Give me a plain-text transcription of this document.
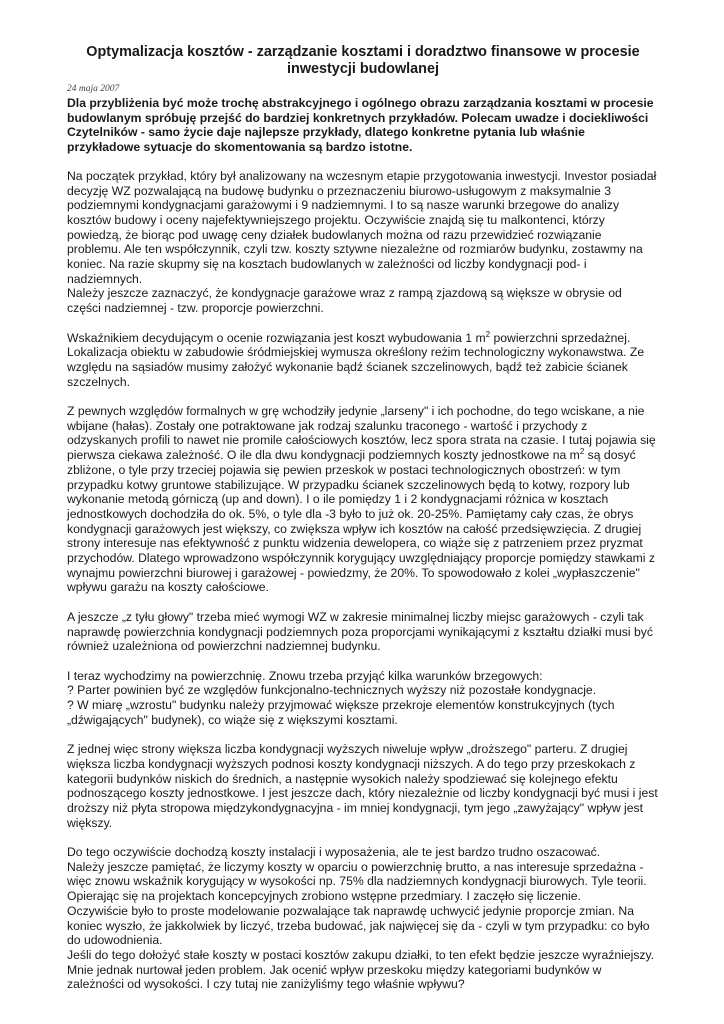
Optymalizacja kosztów - zarządzanie kosztami i doradztwo finansowe w procesie inwestycji budowlanej
24 maja 2007
Dla przybliżenia być może trochę abstrakcyjnego i ogólnego obrazu zarządzania kosztami w procesie budowlanym spróbuję przejść do bardziej konkretnych przykładów. Polecam uwadze i dociekliwości Czytelników - samo życie daje najlepsze przykłady, dlatego konkretne pytania lub właśnie przykładowe sytuacje do skomentowania są bardzo istotne.
Na początek przykład, który był analizowany na wczesnym etapie przygotowania inwestycji. Investor posiadał decyzję WZ pozwalającą na budowę budynku o przeznaczeniu biurowo-usługowym z maksymalnie 3 podziemnymi kondygnacjami garażowymi i 9 nadziemnymi. I to są nasze warunki brzegowe do analizy kosztów budowy i oceny najefektywniejszego projektu. Oczywiście znajdą się tu malkontenci, którzy powiedzą, że biorąc pod uwagę ceny działek budowlanych można od razu przewidzieć rozwiązanie problemu. Ale ten współczynnik, czyli tzw. koszty sztywne niezależne od rozmiarów budynku, zostawmy na koniec. Na razie skupmy się na kosztach budowlanych w zależności od liczby kondygnacji pod- i nadziemnych.
Należy jeszcze zaznaczyć, że kondygnacje garażowe wraz z rampą zjazdową są większe w obrysie od części nadziemnej - tzw. proporcje powierzchni.
Wskaźnikiem decydującym o ocenie rozwiązania jest koszt wybudowania 1 $m^2$ powierzchni sprzedażnej. Lokalizacja obiektu w zabudowie śródmiejskiej wymusza określony reżim technologiczny wykonawstwa. Ze względu na sąsiadów musimy założyć wykonanie bądź ścianek szczelinowych, bądź też zabicie ścianek szczelnych.
Z pewnych względów formalnych w grę wchodziły jedynie „larseny" i ich pochodne, do tego wciskane, a nie wbijane (hałas). Zostały one potraktowane jak rodzaj szalunku traconego - wartość i przychody z odzyskanych profili to nawet nie promile całościowych kosztów, lecz spora strata na czasie. I tutaj pojawia się pierwsza ciekawa zależność. O ile dla dwu kondygnacji podziemnych koszty jednostkowe na $m^2$ są dosyć zbliżone, o tyle przy trzeciej pojawia się pewien przeskok w postaci technologicznych obostrzeń: w tym przypadku kotwy gruntowe stabilizujące. W przypadku ścianek szczelinowych będą to kotwy, rozpory lub wykonanie metodą górniczą (up and down). I o ile pomiędzy 1 i 2 kondygnacjami różnica w kosztach jednostkowych dochodziła do ok. 5%, o tyle dla -3 było to już ok. 20-25%. Pamiętamy cały czas, że obrys kondygnacji garażowych jest większy, co zwiększa wpływ ich kosztów na całość przedsięwzięcia. Z drugiej strony interesuje nas efektywność z punktu widzenia dewelopera, co wiąże się z patrzeniem przez pryzmat przychodów. Dlatego wprowadzono współczynnik korygujący uwzględniający proporcje pomiędzy stawkami z wynajmu powierzchni biurowej i garażowej - powiedzmy, że 20%. To spowodowało z kolei „wypłaszczenie" wpływu garażu na koszty całościowe.
A jeszcze „z tyłu głowy" trzeba mieć wymogi WZ w zakresie minimalnej liczby miejsc garażowych - czyli tak naprawdę powierzchnia kondygnacji podziemnych poza proporcjami wynikającymi z kształtu działki musi być również uzależniona od powierzchni nadziemnej budynku.
I teraz wychodzimy na powierzchnię. Znowu trzeba przyjąć kilka warunków brzegowych:
? Parter powinien być ze względów funkcjonalno-technicznych wyższy niż pozostałe kondygnacje.
? W miarę „wzrostu" budynku należy przyjmować większe przekroje elementów konstrukcyjnych (tych „dźwigających" budynek), co wiąże się z większymi kosztami.
Z jednej więc strony większa liczba kondygnacji wyższych niweluje wpływ „droższego" parteru. Z drugiej większa liczba kondygnacji wyższych podnosi koszty kondygnacji niższych. A do tego przy przeskokach z kategorii budynków niskich do średnich, a następnie wysokich należy spodziewać się kolejnego efektu podnoszącego koszty jednostkowe. I jest jeszcze dach, który niezależnie od liczby kondygnacji być musi i jest droższy niż płyta stropowa międzykondygnacyjna - im mniej kondygnacji, tym jego „zawyżający" wpływ jest większy.
Do tego oczywiście dochodzą koszty instalacji i wyposażenia, ale te jest bardzo trudno oszacować.
Należy jeszcze pamiętać, że liczymy koszty w oparciu o powierzchnię brutto, a nas interesuje sprzedażna - więc znowu wskaźnik korygujący w wysokości np. 75% dla nadziemnych kondygnacji biurowych. Tyle teorii.
Opierając się na projektach koncepcyjnych zrobiono wstępne przedmiary. I zaczęło się liczenie.
Oczywiście było to proste modelowanie pozwalające tak naprawdę uchwycić jedynie proporcje zmian. Na koniec wyszło, że jakkolwiek by liczyć, trzeba budować, jak najwięcej się da - czyli w tym przypadku: co było do udowodnienia.
Jeśli do tego dołożyć stałe koszty w postaci kosztów zakupu działki, to ten efekt będzie jeszcze wyraźniejszy.
Mnie jednak nurtował jeden problem. Jak ocenić wpływ przeskoku między kategoriami budynków w zależności od wysokości. I czy tutaj nie zaniżyliśmy tego właśnie wpływu?
